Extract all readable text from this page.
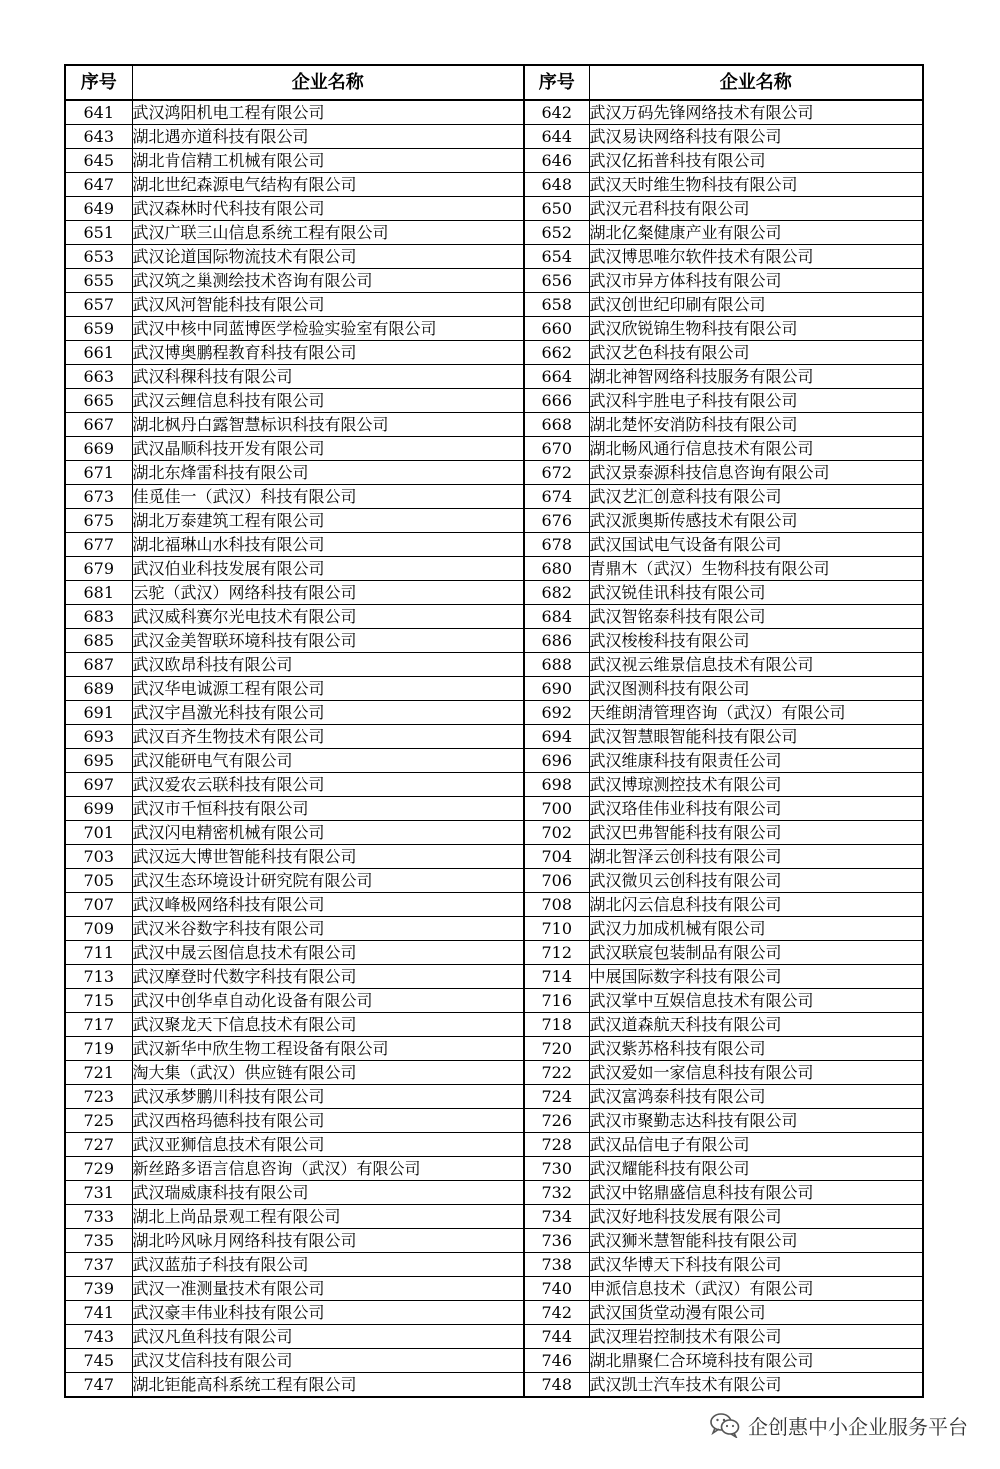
序号	企业名称	序号	企业名称
641	武汉鸿阳机电工程有限公司	642	武汉万码先锋网络技术有限公司
643	湖北遇亦道科技有限公司	644	武汉易诀网络科技有限公司
645	湖北肯信精工机械有限公司	646	武汉亿拓普科技有限公司
647	湖北世纪森源电气结构有限公司	648	武汉天时维生物科技有限公司
649	武汉森林时代科技有限公司	650	武汉元君科技有限公司
651	武汉广联三山信息系统工程有限公司	652	湖北亿粲健康产业有限公司
653	武汉论道国际物流技术有限公司	654	武汉博思唯尔软件技术有限公司
655	武汉筑之巢测绘技术咨询有限公司	656	武汉市异方体科技有限公司
657	武汉风河智能科技有限公司	658	武汉创世纪印刷有限公司
659	武汉中核中同蓝博医学检验实验室有限公司	660	武汉欣锐锦生物科技有限公司
661	武汉博奥鹏程教育科技有限公司	662	武汉艺色科技有限公司
663	武汉科稞科技有限公司	664	湖北神智网络科技服务有限公司
665	武汉云鲤信息科技有限公司	666	武汉科宇胜电子科技有限公司
667	湖北枫丹白露智慧标识科技有限公司	668	湖北楚怀安消防科技有限公司
669	武汉晶顺科技开发有限公司	670	湖北畅风通行信息技术有限公司
671	湖北东烽雷科技有限公司	672	武汉景泰源科技信息咨询有限公司
673	佳觅佳一（武汉）科技有限公司	674	武汉艺汇创意科技有限公司
675	湖北万泰建筑工程有限公司	676	武汉派奥斯传感技术有限公司
677	湖北福琳山水科技有限公司	678	武汉国试电气设备有限公司
679	武汉伯业科技发展有限公司	680	青鼎木（武汉）生物科技有限公司
681	云驼（武汉）网络科技有限公司	682	武汉锐佳讯科技有限公司
683	武汉威科赛尔光电技术有限公司	684	武汉智铭泰科技有限公司
685	武汉金美智联环境科技有限公司	686	武汉梭梭科技有限公司
687	武汉欧昂科技有限公司	688	武汉视云维景信息技术有限公司
689	武汉华电诚源工程有限公司	690	武汉图测科技有限公司
691	武汉宇昌激光科技有限公司	692	天维朗清管理咨询（武汉）有限公司
693	武汉百齐生物技术有限公司	694	武汉智慧眼智能科技有限公司
695	武汉能研电气有限公司	696	武汉维康科技有限责任公司
697	武汉爱农云联科技有限公司	698	武汉博琼测控技术有限公司
699	武汉市千恒科技有限公司	700	武汉珞佳伟业科技有限公司
701	武汉闪电精密机械有限公司	702	武汉巴弗智能科技有限公司
703	武汉远大博世智能科技有限公司	704	湖北智泽云创科技有限公司
705	武汉生态环境设计研究院有限公司	706	武汉微贝云创科技有限公司
707	武汉峰极网络科技有限公司	708	湖北闪云信息科技有限公司
709	武汉米谷数字科技有限公司	710	武汉力加成机械有限公司
711	武汉中晟云图信息技术有限公司	712	武汉联宸包装制品有限公司
713	武汉摩登时代数字科技有限公司	714	中展国际数字科技有限公司
715	武汉中创华卓自动化设备有限公司	716	武汉掌中互娱信息技术有限公司
717	武汉聚龙天下信息技术有限公司	718	武汉道森航天科技有限公司
719	武汉新华中欣生物工程设备有限公司	720	武汉紫苏格科技有限公司
721	淘大集（武汉）供应链有限公司	722	武汉爱如一家信息科技有限公司
723	武汉承梦鹏川科技有限公司	724	武汉富鸿泰科技有限公司
725	武汉西格玛德科技有限公司	726	武汉市聚勤志达科技有限公司
727	武汉亚狮信息技术有限公司	728	武汉品信电子有限公司
729	新丝路多语言信息咨询（武汉）有限公司	730	武汉耀能科技有限公司
731	武汉瑞威康科技有限公司	732	武汉中铭鼎盛信息科技有限公司
733	湖北上尚品景观工程有限公司	734	武汉好地科技发展有限公司
735	湖北吟风咏月网络科技有限公司	736	武汉狮米慧智能科技有限公司
737	武汉蓝茄子科技有限公司	738	武汉华博天下科技有限公司
739	武汉一准测量技术有限公司	740	申派信息技术（武汉）有限公司
741	武汉豪丰伟业科技有限公司	742	武汉国货堂动漫有限公司
743	武汉凡鱼科技有限公司	744	武汉理岩控制技术有限公司
745	武汉艾信科技有限公司	746	湖北鼎聚仁合环境科技有限公司
747	湖北钜能高科系统工程有限公司	748	武汉凯士汽车技术有限公司
企创惠中小企业服务平台
